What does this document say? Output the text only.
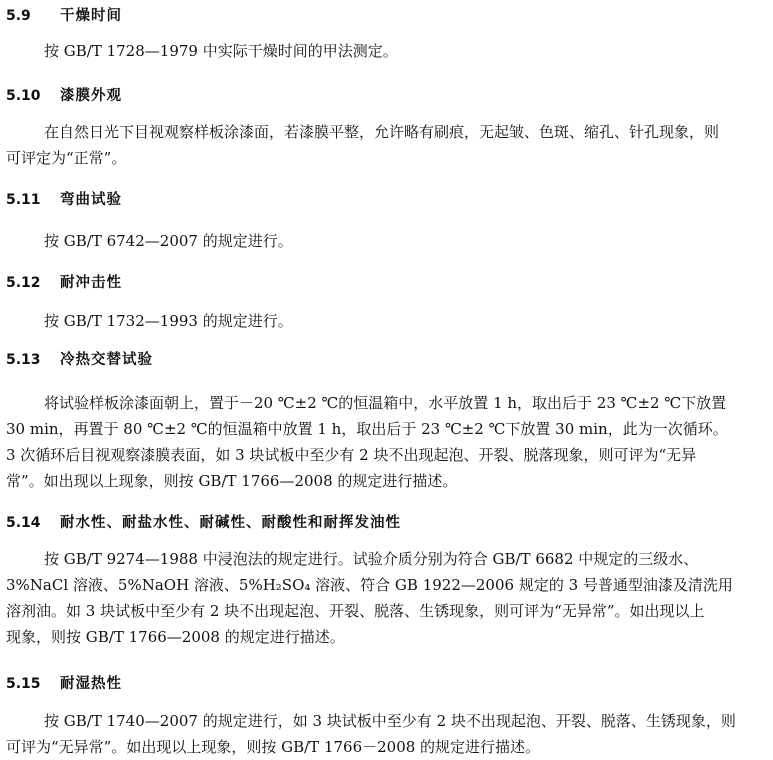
5.9 干燥时间
按 GB/T 1728—1979 中实际干燥时间的甲法测定。
5.10 漆膜外观
在自然日光下目视观察样板涂漆面，若漆膜平整，允许略有刷痕，无起皱、色斑、缩孔、针孔现象，则
可评定为“正常”。
5.11 弯曲试验
按 GB/T 6742—2007 的规定进行。
5.12 耐冲击性
按 GB/T 1732—1993 的规定进行。
5.13 冷热交替试验
将试验样板涂漆面朝上，置于－20 ℃±2 ℃的恒温箱中，水平放置 1 h，取出后于 23 ℃±2 ℃下放置
30 min，再置于 80 ℃±2 ℃的恒温箱中放置 1 h，取出后于 23 ℃±2 ℃下放置 30 min，此为一次循环。
3 次循环后目视观察漆膜表面，如 3 块试板中至少有 2 块不出现起泡、开裂、脱落现象，则可评为“无异
常”。如出现以上现象，则按 GB/T 1766—2008 的规定进行描述。
5.14 耐水性、耐盐水性、耐碱性、耐酸性和耐挥发油性
按 GB/T 9274—1988 中浸泡法的规定进行。试验介质分别为符合 GB/T 6682 中规定的三级水、
3%NaCl 溶液、5%NaOH 溶液、5%H₂SO₄ 溶液、符合 GB 1922—2006 规定的 3 号普通型油漆及清洗用
溶剂油。如 3 块试板中至少有 2 块不出现起泡、开裂、脱落、生锈现象，则可评为“无异常”。如出现以上
现象，则按 GB/T 1766—2008 的规定进行描述。
5.15 耐湿热性
按 GB/T 1740—2007 的规定进行，如 3 块试板中至少有 2 块不出现起泡、开裂、脱落、生锈现象，则
可评为“无异常”。如出现以上现象，则按 GB/T 1766－2008 的规定进行描述。
